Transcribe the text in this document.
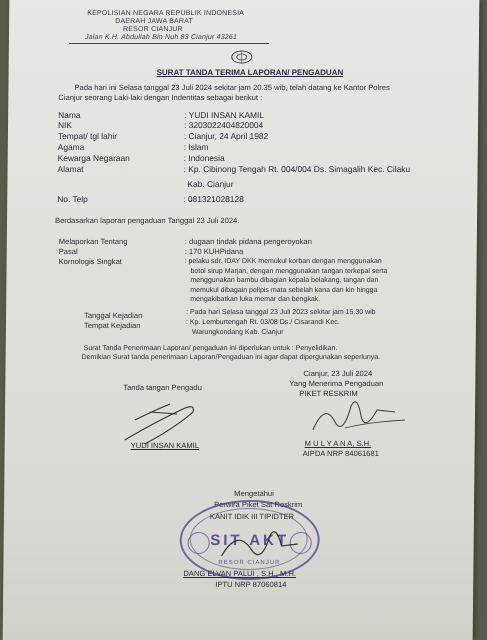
KEPOLISIAN NEGARA REPUBLIK INDONESIA
DAERAH JAWA BARAT
RESOR CIANJUR
Jalan K.H. Abdullah Bin Nuh 83 Cianjur 43261
SURAT TANDA TERIMA LAPORAN/ PENGADUAN
Pada hari ini Selasa tanggal 23 Juli 2024 sekitar jam 20.35 wib, telah datang ke Kantor Polres
Cianjur seorang Laki-laki dengan Indentitas sebagai berikut :
Nama	: YUDI INSAN KAMIL
NIK	: 3203022404820004
Tempat/ tgl lahir	: Cianjur, 24 April 1982
Agama	: Islam
Kewarga Negaraan	: Indonesia
Alamat	: Kp. Cibinong Tengah Rt. 004/004 Ds. Simagalih Kec. Cilaku
Kab. Cianjur
No. Telp	: 081321028128
Berdasarkan laporan pengaduan Tanggal 23 Juli 2024.
Melaporkan Tentang	: dugaan tindak pidana pengeroyokan
Pasal	: 170 KUHPidana
Kornologis Singkat	: pelaku sdr. IDAY DKK memukul korban dengan menggunakan
botol sirup Marjan, dengan menggunakan tangan terkepal serta
menggunakan bambu dibagian kepala belakang, tangan dan
memukul dibagain pelipis mata sebelah kana dan kin hingga
mengakibatkan luka memar dan bengkak.
Tanggal Kejadian	: Pada hari Selasa tanggal 23 Juli 2023 sekitar jam 15.30 wib
Tempat Kejadian	: Kp. Lemburtengah Rt. 03/08 Ds./ Cisarandi Kec.
Warungkondang Kab. Cianjur
Surat Tanda Penerimaan Laporan/ pengaduan ini diperlukan untuk : Penyelidikan.
Demikian Surat tanda penerimaan Laporan/Pengaduan ini agar dapat dipergunakan seperlunya.
Cianjur, 23 Juli 2024
Tanda tangan Pengadu	Yang Menerima Pengaduan
PIKET RESKRIM
YUDI INSAN KAMIL	M U L Y A N A, S.H.
AIPDA NRP 84061681
Mengetahui
Perwira Piket Sat Reskrim
KANIT IDIK III TIPIDTER
SIT AKT
RESOR CIANJUR
DANG ELVAN PALUI , S.H., M.H.
IPTU NRP 87060814
